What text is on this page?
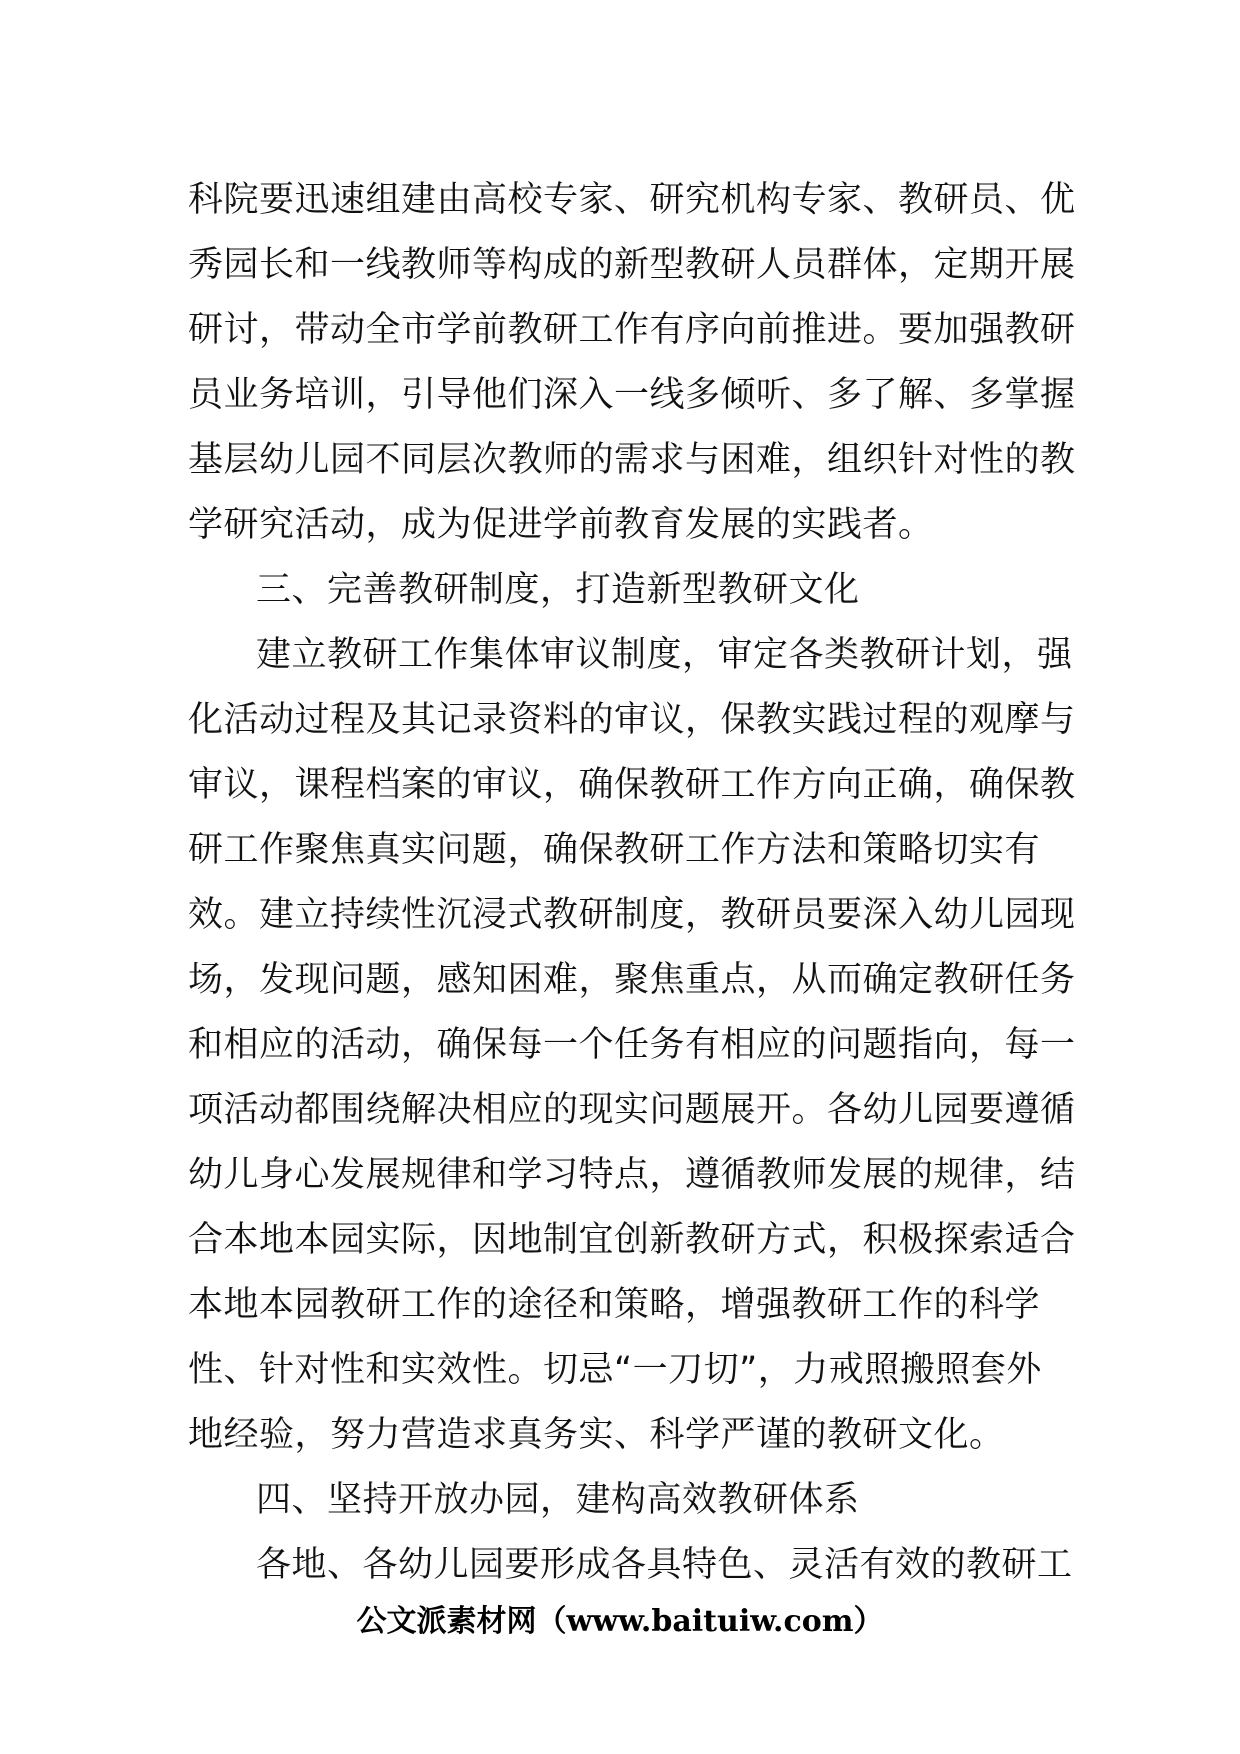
科院要迅速组建由高校专家、研究机构专家、教研员、优
秀园长和一线教师等构成的新型教研人员群体，定期开展
研讨，带动全市学前教研工作有序向前推进。要加强教研
员业务培训，引导他们深入一线多倾听、多了解、多掌握
基层幼儿园不同层次教师的需求与困难，组织针对性的教
学研究活动，成为促进学前教育发展的实践者。
三、完善教研制度，打造新型教研文化
建立教研工作集体审议制度，审定各类教研计划，强
化活动过程及其记录资料的审议，保教实践过程的观摩与
审议，课程档案的审议，确保教研工作方向正确，确保教
研工作聚焦真实问题，确保教研工作方法和策略切实有
效。建立持续性沉浸式教研制度，教研员要深入幼儿园现
场，发现问题，感知困难，聚焦重点，从而确定教研任务
和相应的活动，确保每一个任务有相应的问题指向，每一
项活动都围绕解决相应的现实问题展开。各幼儿园要遵循
幼儿身心发展规律和学习特点，遵循教师发展的规律，结
合本地本园实际，因地制宜创新教研方式，积极探索适合
本地本园教研工作的途径和策略，增强教研工作的科学
性、针对性和实效性。切忌“一刀切”，力戒照搬照套外
地经验，努力营造求真务实、科学严谨的教研文化。
四、坚持开放办园，建构高效教研体系
各地、各幼儿园要形成各具特色、灵活有效的教研工
公文派素材网（www.baituiw.com）
